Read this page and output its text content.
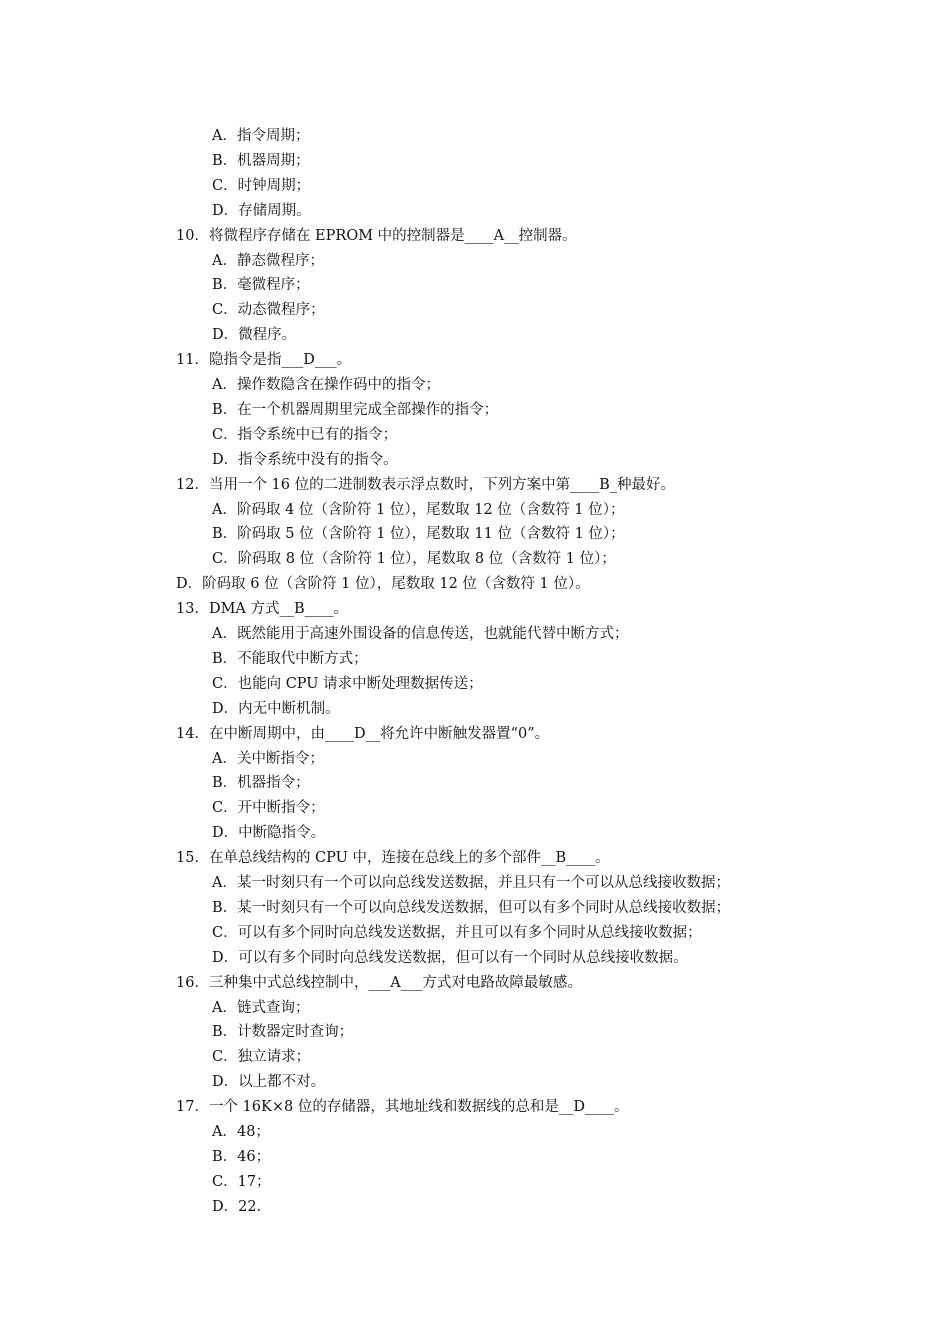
A．指令周期；
B．机器周期；
C．时钟周期；
D．存储周期。
10．将微程序存储在 EPROM 中的控制器是____A__控制器。
A．静态微程序；
B．毫微程序；
C．动态微程序；
D．微程序。
11．隐指令是指___D___。
A．操作数隐含在操作码中的指令；
B．在一个机器周期里完成全部操作的指令；
C．指令系统中已有的指令；
D．指令系统中没有的指令。
12．当用一个 16 位的二进制数表示浮点数时，下列方案中第____B_种最好。
A．阶码取 4 位（含阶符 1 位），尾数取 12 位（含数符 1 位）；
B．阶码取 5 位（含阶符 1 位），尾数取 11 位（含数符 1 位）；
C．阶码取 8 位（含阶符 1 位），尾数取 8 位（含数符 1 位）；
D．阶码取 6 位（含阶符 1 位），尾数取 12 位（含数符 1 位）。
13．DMA 方式__B____。
A．既然能用于高速外围设备的信息传送，也就能代替中断方式；
B．不能取代中断方式；
C．也能向 CPU 请求中断处理数据传送；
D．内无中断机制。
14．在中断周期中，由____D__将允许中断触发器置“0”。
A．关中断指令；
B．机器指令；
C．开中断指令；
D．中断隐指令。
15．在单总线结构的 CPU 中，连接在总线上的多个部件__B____。
A．某一时刻只有一个可以向总线发送数据，并且只有一个可以从总线接收数据；
B．某一时刻只有一个可以向总线发送数据，但可以有多个同时从总线接收数据；
C．可以有多个同时向总线发送数据，并且可以有多个同时从总线接收数据；
D．可以有多个同时向总线发送数据，但可以有一个同时从总线接收数据。
16．三种集中式总线控制中，___A___方式对电路故障最敏感。
A．链式查询；
B．计数器定时查询；
C．独立请求；
D．以上都不对。
17．一个 16K×8 位的存储器，其地址线和数据线的总和是__D____。
A．48；
B．46；
C．17；
D．22．
